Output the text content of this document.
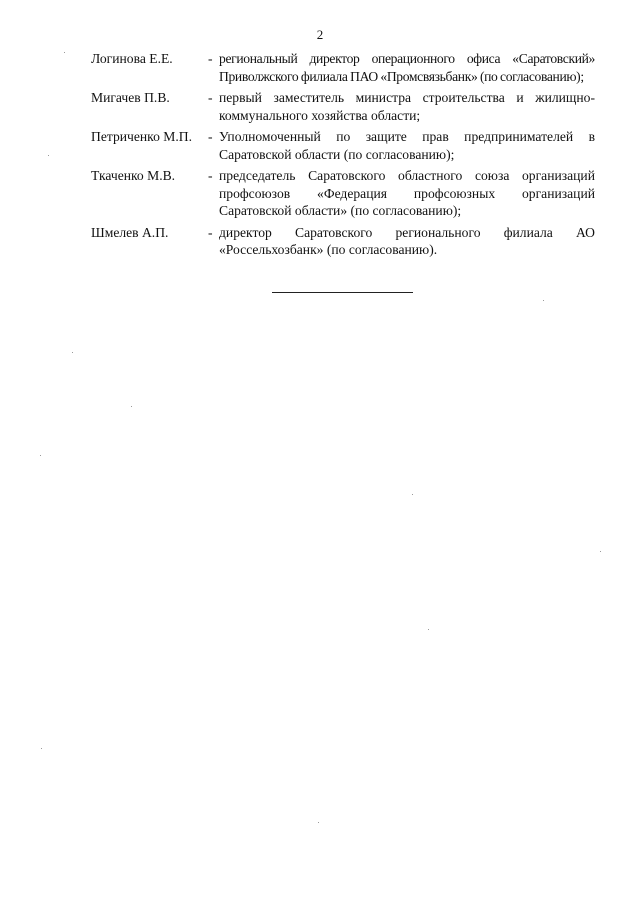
2
Логинова Е.Е.	- региональный директор операционного офиса «Саратовский» Приволжского филиала ПАО «Промсвязьбанк» (по согласованию);
Мигачев П.В.	- первый заместитель министра строительства и жилищно-коммунального хозяйства области;
Петриченко М.П.	- Уполномоченный по защите прав предпринимателей в Саратовской области (по согласованию);
Ткаченко М.В.	- председатель Саратовского областного союза организаций профсоюзов «Федерация профсоюзных организаций Саратовской области» (по согласованию);
Шмелев А.П.	- директор Саратовского регионального филиала АО «Россельхозбанк» (по согласованию).
